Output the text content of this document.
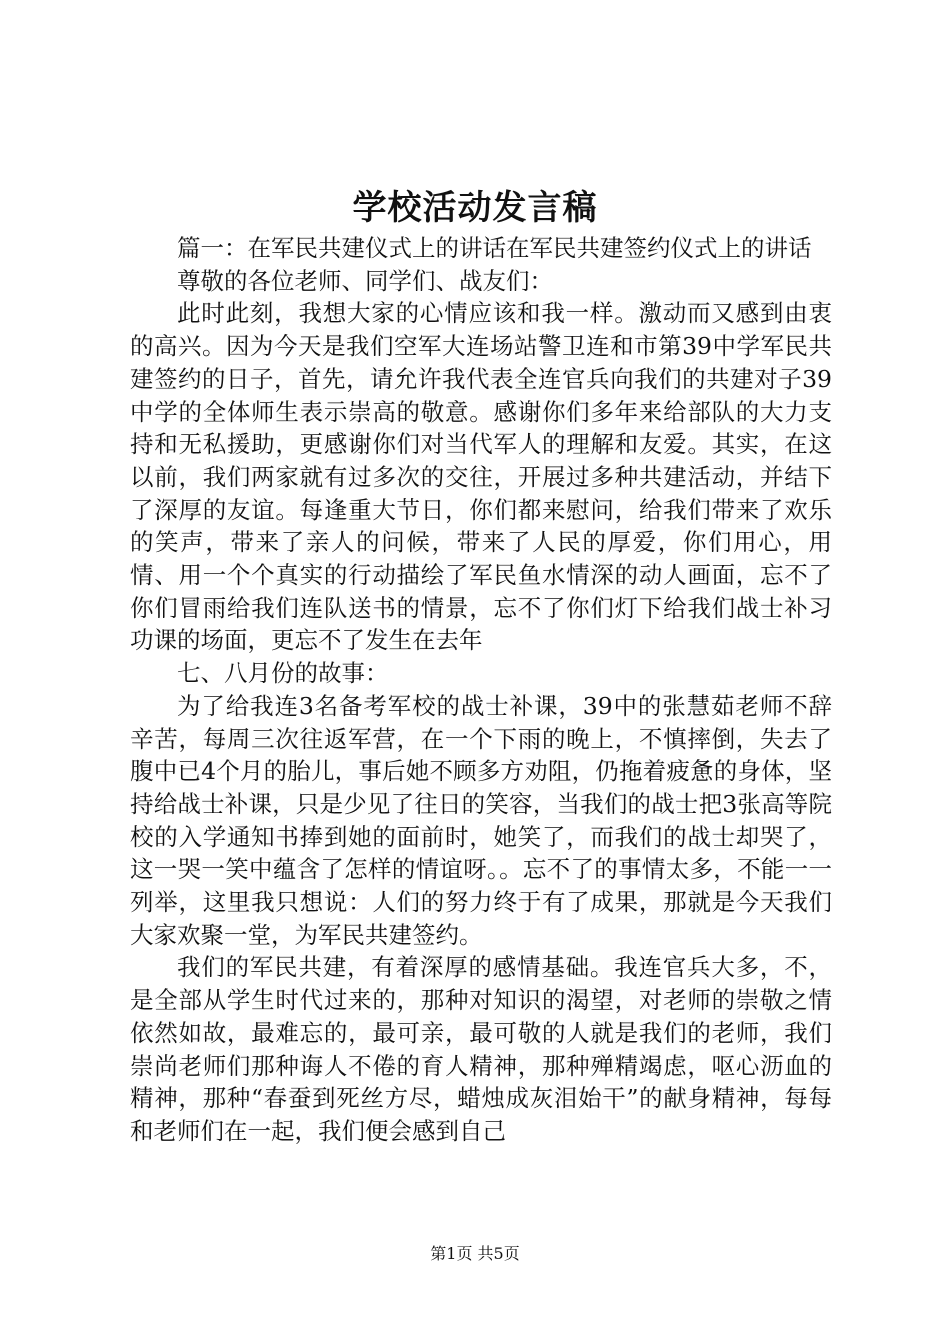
学校活动发言稿

篇一：在军民共建仪式上的讲话在军民共建签约仪式上的讲话

尊敬的各位老师、同学们、战友们：

此时此刻，我想大家的心情应该和我一样。激动而又感到由衷的高兴。因为今天是我们空军大连场站警卫连和市第39中学军民共建签约的日子，首先，请允许我代表全连官兵向我们的共建对子39中学的全体师生表示崇高的敬意。感谢你们多年来给部队的大力支持和无私援助，更感谢你们对当代军人的理解和友爱。其实，在这以前，我们两家就有过多次的交往，开展过多种共建活动，并结下了深厚的友谊。每逢重大节日，你们都来慰问，给我们带来了欢乐的笑声，带来了亲人的问候，带来了人民的厚爱，你们用心，用情、用一个个真实的行动描绘了军民鱼水情深的动人画面，忘不了你们冒雨给我们连队送书的情景，忘不了你们灯下给我们战士补习功课的场面，更忘不了发生在去年

七、八月份的故事：

为了给我连3名备考军校的战士补课，39中的张慧茹老师不辞辛苦，每周三次往返军营，在一个下雨的晚上，不慎摔倒，失去了腹中已4个月的胎儿，事后她不顾多方劝阻，仍拖着疲惫的身体，坚持给战士补课，只是少见了往日的笑容，当我们的战士把3张高等院校的入学通知书捧到她的面前时，她笑了，而我们的战士却哭了，这一哭一笑中蕴含了怎样的情谊呀。。忘不了的事情太多，不能一一列举，这里我只想说：人们的努力终于有了成果，那就是今天我们大家欢聚一堂，为军民共建签约。

我们的军民共建，有着深厚的感情基础。我连官兵大多，不，是全部从学生时代过来的，那种对知识的渴望，对老师的崇敬之情依然如故，最难忘的，最可亲，最可敬的人就是我们的老师，我们崇尚老师们那种诲人不倦的育人精神，那种殚精竭虑，呕心沥血的精神，那种“春蚕到死丝方尽，蜡烛成灰泪始干”的献身精神，每每和老师们在一起，我们便会感到自己

第1页 共5页
